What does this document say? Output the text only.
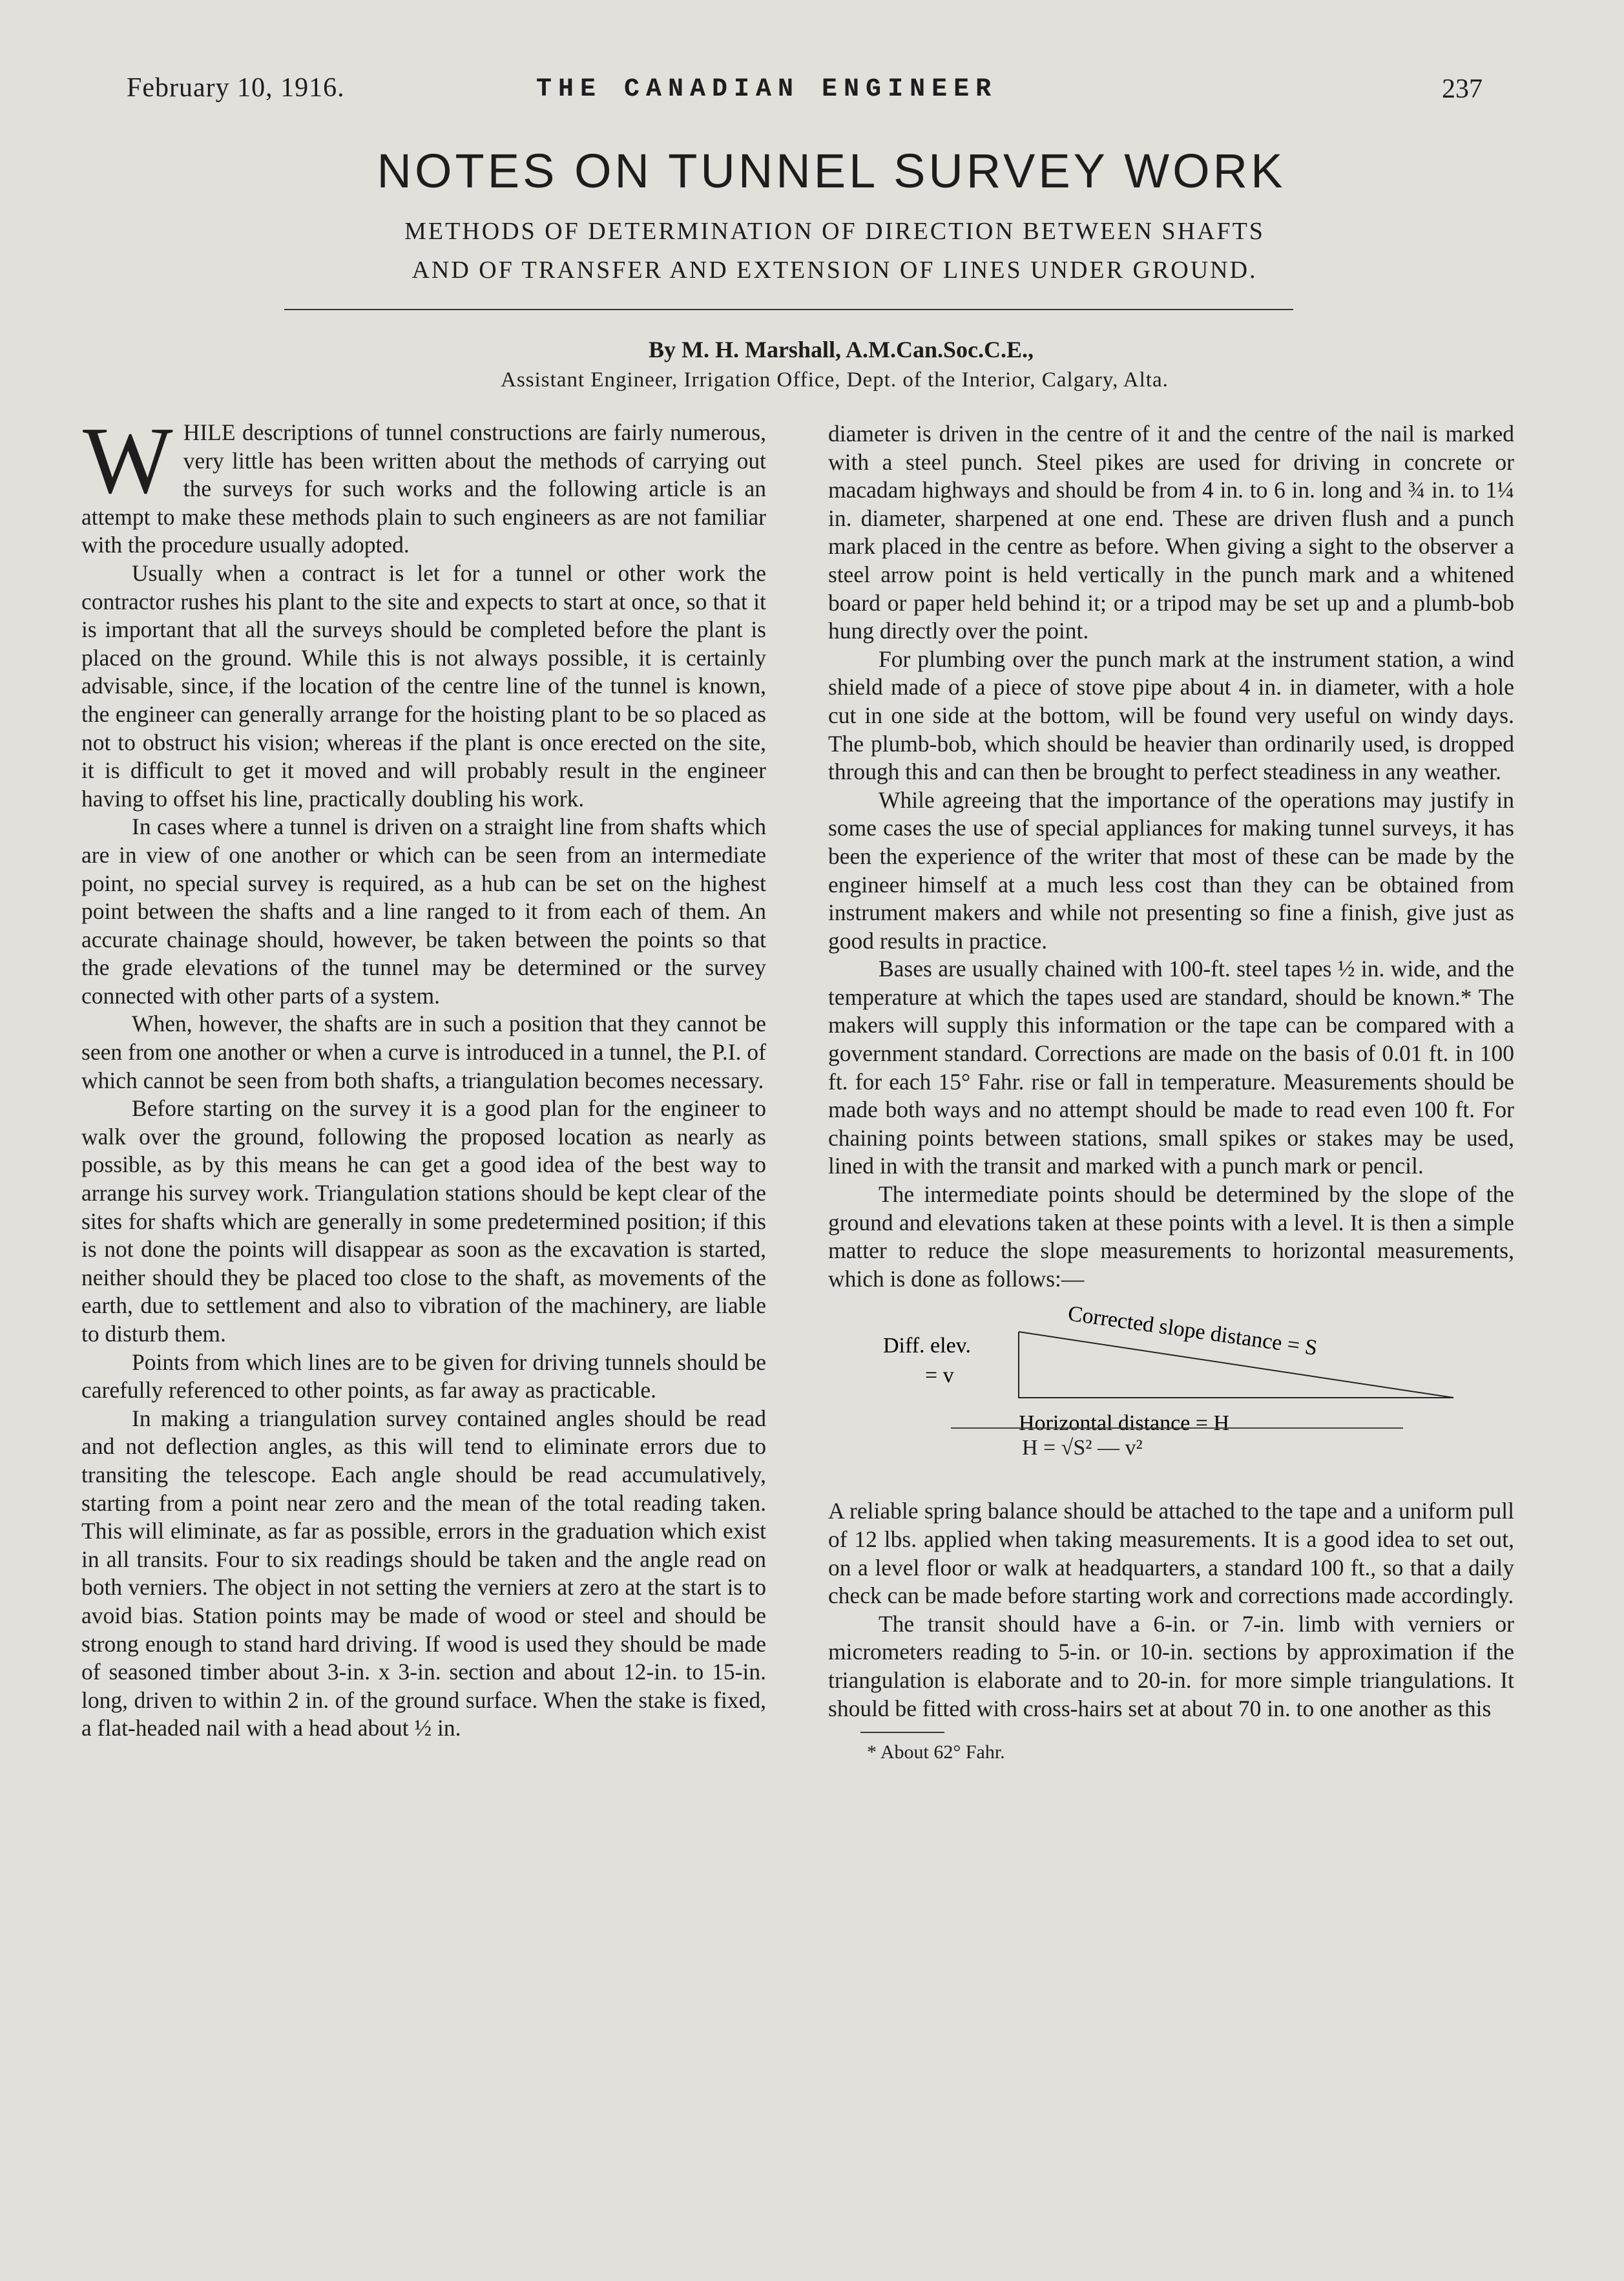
February 10, 1916.	THE CANADIAN ENGINEER	237
NOTES ON TUNNEL SURVEY WORK
METHODS OF DETERMINATION OF DIRECTION BETWEEN SHAFTS
AND OF TRANSFER AND EXTENSION OF LINES UNDER GROUND.
By M. H. Marshall, A.M.Can.Soc.C.E.,
Assistant Engineer, Irrigation Office, Dept. of the Interior, Calgary, Alta.

WHILE descriptions of tunnel constructions are fairly numerous, very little has been written about the methods of carrying out the surveys for such works and the following article is an attempt to make these methods plain to such engineers as are not familiar with the procedure usually adopted.

Usually when a contract is let for a tunnel or other work the contractor rushes his plant to the site and expects to start at once, so that it is important that all the surveys should be completed before the plant is placed on the ground. While this is not always possible, it is certainly advisable, since, if the location of the centre line of the tunnel is known, the engineer can generally arrange for the hoisting plant to be so placed as not to obstruct his vision; whereas if the plant is once erected on the site, it is difficult to get it moved and will probably result in the engineer having to offset his line, practically doubling his work.

In cases where a tunnel is driven on a straight line from shafts which are in view of one another or which can be seen from an intermediate point, no special survey is required, as a hub can be set on the highest point between the shafts and a line ranged to it from each of them. An accurate chainage should, however, be taken between the points so that the grade elevations of the tunnel may be determined or the survey connected with other parts of a system.

When, however, the shafts are in such a position that they cannot be seen from one another or when a curve is introduced in a tunnel, the P.I. of which cannot be seen from both shafts, a triangulation becomes necessary.

Before starting on the survey it is a good plan for the engineer to walk over the ground, following the proposed location as nearly as possible, as by this means he can get a good idea of the best way to arrange his survey work. Triangulation stations should be kept clear of the sites for shafts which are generally in some predetermined position; if this is not done the points will disappear as soon as the excavation is started, neither should they be placed too close to the shaft, as movements of the earth, due to settlement and also to vibration of the machinery, are liable to disturb them.

Points from which lines are to be given for driving tunnels should be carefully referenced to other points, as far away as practicable.

In making a triangulation survey contained angles should be read and not deflection angles, as this will tend to eliminate errors due to transiting the telescope. Each angle should be read accumulatively, starting from a point near zero and the mean of the total reading taken. This will eliminate, as far as possible, errors in the graduation which exist in all transits. Four to six readings should be taken and the angle read on both verniers. The object in not setting the verniers at zero at the start is to avoid bias. Station points may be made of wood or steel and should be strong enough to stand hard driving. If wood is used they should be made of seasoned timber about 3-in. x 3-in. section and about 12-in. to 15-in. long, driven to within 2 in. of the ground surface. When the stake is fixed, a flat-headed nail with a head about ½ in.

diameter is driven in the centre of it and the centre of the nail is marked with a steel punch. Steel pikes are used for driving in concrete or macadam highways and should be from 4 in. to 6 in. long and ¾ in. to 1¼ in. diameter, sharpened at one end. These are driven flush and a punch mark placed in the centre as before. When giving a sight to the observer a steel arrow point is held vertically in the punch mark and a whitened board or paper held behind it; or a tripod may be set up and a plumb-bob hung directly over the point.

For plumbing over the punch mark at the instrument station, a wind shield made of a piece of stove pipe about 4 in. in diameter, with a hole cut in one side at the bottom, will be found very useful on windy days. The plumb-bob, which should be heavier than ordinarily used, is dropped through this and can then be brought to perfect steadiness in any weather.

While agreeing that the importance of the operations may justify in some cases the use of special appliances for making tunnel surveys, it has been the experience of the writer that most of these can be made by the engineer himself at a much less cost than they can be obtained from instrument makers and while not presenting so fine a finish, give just as good results in practice.

Bases are usually chained with 100-ft. steel tapes ½ in. wide, and the temperature at which the tapes used are standard, should be known.* The makers will supply this information or the tape can be compared with a government standard. Corrections are made on the basis of 0.01 ft. in 100 ft. for each 15° Fahr. rise or fall in temperature. Measurements should be made both ways and no attempt should be made to read even 100 ft. For chaining points between stations, small spikes or stakes may be used, lined in with the transit and marked with a punch mark or pencil.

The intermediate points should be determined by the slope of the ground and elevations taken at these points with a level. It is then a simple matter to reduce the slope measurements to horizontal measurements, which is done as follows:—

Diff. elev.
= v
Corrected slope distance = S
Horizontal distance = H
H = √S² — v²

A reliable spring balance should be attached to the tape and a uniform pull of 12 lbs. applied when taking measurements. It is a good idea to set out, on a level floor or walk at headquarters, a standard 100 ft., so that a daily check can be made before starting work and corrections made accordingly.

The transit should have a 6-in. or 7-in. limb with verniers or micrometers reading to 5-in. or 10-in. sections by approximation if the triangulation is elaborate and to 20-in. for more simple triangulations. It should be fitted with cross-hairs set at about 70 in. to one another as this

* About 62° Fahr.
